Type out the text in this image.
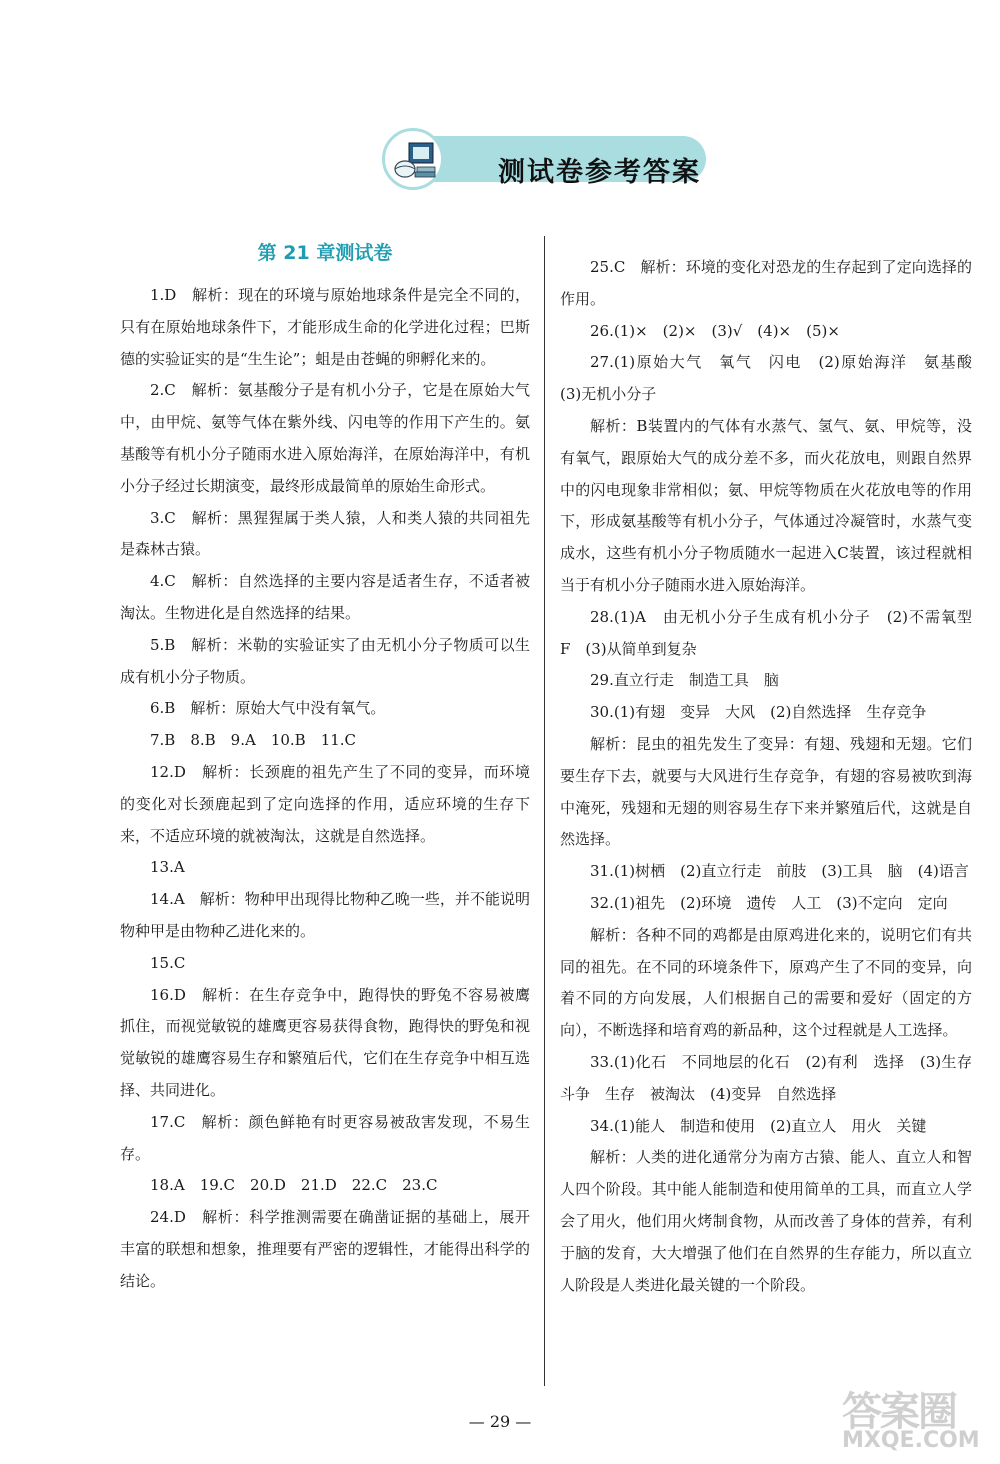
测试卷参考答案
第 21 章测试卷

1.D　解析：现在的环境与原始地球条件是完全不同的，只有在原始地球条件下，才能形成生命的化学进化过程；巴斯德的实验证实的是“生生论”；蛆是由苍蝇的卵孵化来的。

2.C　解析：氨基酸分子是有机小分子，它是在原始大气中，由甲烷、氨等气体在紫外线、闪电等的作用下产生的。氨基酸等有机小分子随雨水进入原始海洋，在原始海洋中，有机小分子经过长期演变，最终形成最简单的原始生命形式。

3.C　解析：黑猩猩属于类人猿，人和类人猿的共同祖先是森林古猿。

4.C　解析：自然选择的主要内容是适者生存，不适者被淘汰。生物进化是自然选择的结果。

5.B　解析：米勒的实验证实了由无机小分子物质可以生成有机小分子物质。

6.B　解析：原始大气中没有氧气。

7.B　8.B　9.A　10.B　11.C

12.D　解析：长颈鹿的祖先产生了不同的变异，而环境的变化对长颈鹿起到了定向选择的作用，适应环境的生存下来，不适应环境的就被淘汰，这就是自然选择。

13.A

14.A　解析：物种甲出现得比物种乙晚一些，并不能说明物种甲是由物种乙进化来的。

15.C

16.D　解析：在生存竞争中，跑得快的野兔不容易被鹰抓住，而视觉敏锐的雄鹰更容易获得食物，跑得快的野兔和视觉敏锐的雄鹰容易生存和繁殖后代，它们在生存竞争中相互选择、共同进化。

17.C　解析：颜色鲜艳有时更容易被敌害发现，不易生存。

18.A　19.C　20.D　21.D　22.C　23.C

24.D　解析：科学推测需要在确凿证据的基础上，展开丰富的联想和想象，推理要有严密的逻辑性，才能得出科学的结论。

25.C　解析：环境的变化对恐龙的生存起到了定向选择的作用。

26.(1)×　(2)×　(3)√　(4)×　(5)×

27.(1)原始大气　氧气　闪电　(2)原始海洋　氨基酸　(3)无机小分子

解析：B装置内的气体有水蒸气、氢气、氨、甲烷等，没有氧气，跟原始大气的成分差不多，而火花放电，则跟自然界中的闪电现象非常相似；氨、甲烷等物质在火花放电等的作用下，形成氨基酸等有机小分子，气体通过冷凝管时，水蒸气变成水，这些有机小分子物质随水一起进入C装置，该过程就相当于有机小分子随雨水进入原始海洋。

28.(1)A　由无机小分子生成有机小分子　(2)不需氧型　F　(3)从简单到复杂

29.直立行走　制造工具　脑

30.(1)有翅　变异　大风　(2)自然选择　生存竞争

解析：昆虫的祖先发生了变异：有翅、残翅和无翅。它们要生存下去，就要与大风进行生存竞争，有翅的容易被吹到海中淹死，残翅和无翅的则容易生存下来并繁殖后代，这就是自然选择。

31.(1)树栖　(2)直立行走　前肢　(3)工具　脑　(4)语言

32.(1)祖先　(2)环境　遗传　人工　(3)不定向　定向

解析：各种不同的鸡都是由原鸡进化来的，说明它们有共同的祖先。在不同的环境条件下，原鸡产生了不同的变异，向着不同的方向发展，人们根据自己的需要和爱好（固定的方向），不断选择和培育鸡的新品种，这个过程就是人工选择。

33.(1)化石　不同地层的化石　(2)有利　选择　(3)生存斗争　生存　被淘汰　(4)变异　自然选择

34.(1)能人　制造和使用　(2)直立人　用火　关键

解析：人类的进化通常分为南方古猿、能人、直立人和智人四个阶段。其中能人能制造和使用简单的工具，而直立人学会了用火，他们用火烤制食物，从而改善了身体的营养，有利于脑的发育，大大增强了他们在自然界的生存能力，所以直立人阶段是人类进化最关键的一个阶段。

— 29 —	答案圈
MXQE.COM
